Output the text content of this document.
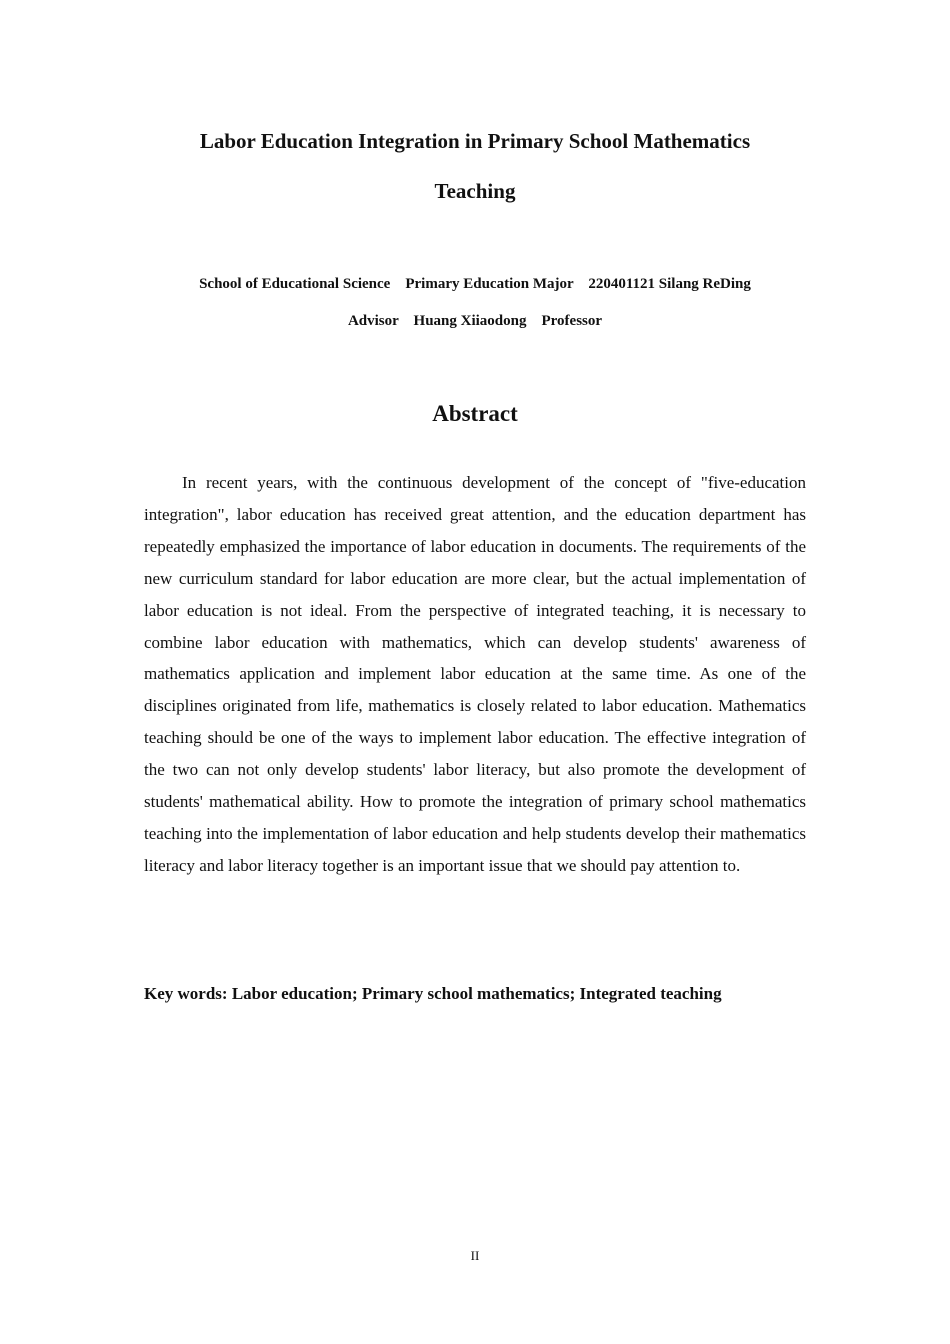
Labor Education Integration in Primary School Mathematics
Teaching
School of Educational Science    Primary Education Major    220401121 Silang ReDing
Advisor    Huang Xiiaodong    Professor
Abstract

In recent years, with the continuous development of the concept of "five-education integration", labor education has received great attention, and the education department has repeatedly emphasized the importance of labor education in documents. The requirements of the new curriculum standard for labor education are more clear, but the actual implementation of labor education is not ideal. From the perspective of integrated teaching, it is necessary to combine labor education with mathematics, which can develop students' awareness of mathematics application and implement labor education at the same time. As one of the disciplines originated from life, mathematics is closely related to labor education. Mathematics teaching should be one of the ways to implement labor education. The effective integration of the two can not only develop students' labor literacy, but also promote the development of students' mathematical ability. How to promote the integration of primary school mathematics teaching into the implementation of labor education and help students develop their mathematics literacy and labor literacy together is an important issue that we should pay attention to.

Key words: Labor education; Primary school mathematics; Integrated teaching

II
